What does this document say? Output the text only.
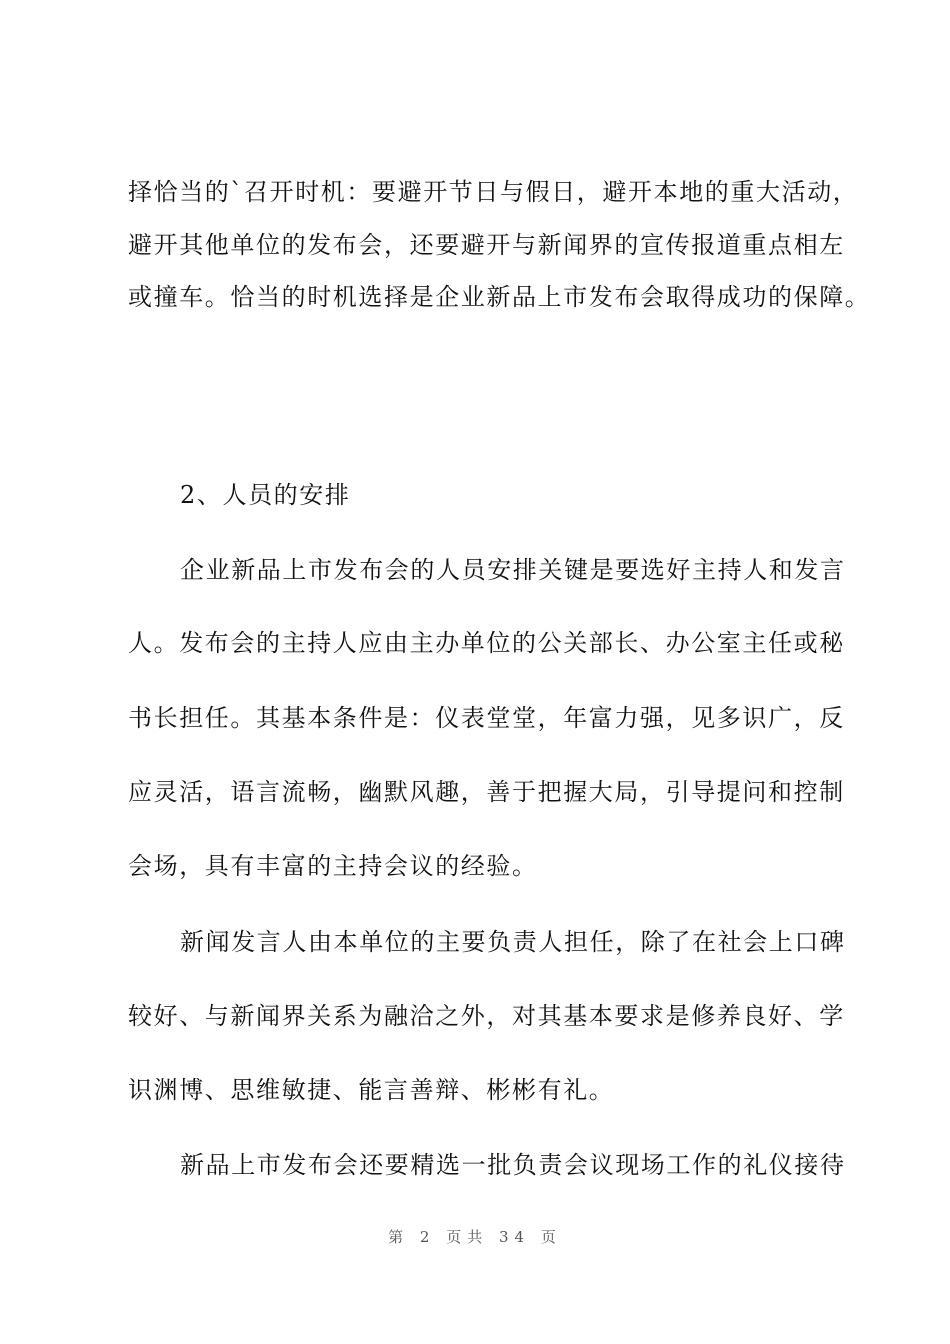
择恰当的`召开时机：要避开节日与假日，避开本地的重大活动，
避开其他单位的发布会，还要避开与新闻界的宣传报道重点相左
或撞车。恰当的时机选择是企业新品上市发布会取得成功的保障。
2、人员的安排
企业新品上市发布会的人员安排关键是要选好主持人和发言
人。发布会的主持人应由主办单位的公关部长、办公室主任或秘
书长担任。其基本条件是：仪表堂堂，年富力强，见多识广，反
应灵活，语言流畅，幽默风趣，善于把握大局，引导提问和控制
会场，具有丰富的主持会议的经验。
新闻发言人由本单位的主要负责人担任，除了在社会上口碑
较好、与新闻界关系为融洽之外，对其基本要求是修养良好、学
识渊博、思维敏捷、能言善辩、彬彬有礼。
新品上市发布会还要精选一批负责会议现场工作的礼仪接待
第 2 页共 34 页
